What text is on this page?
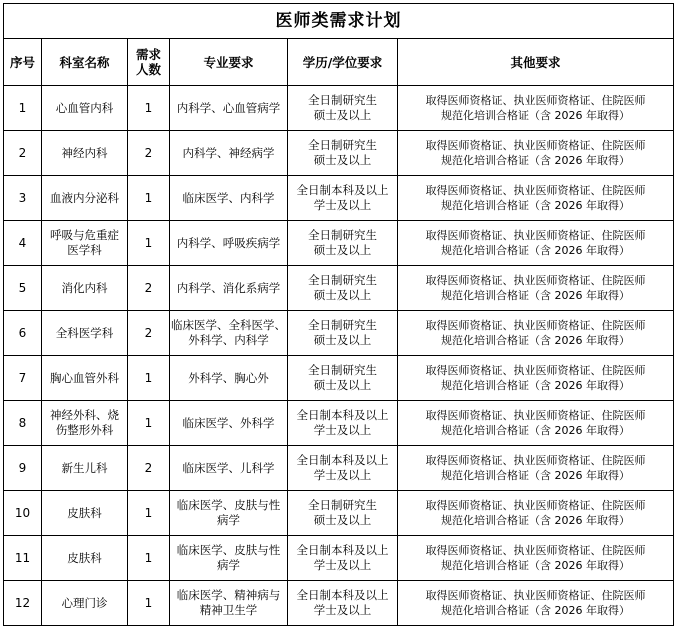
医师类需求计划					

序号	科室名称	需求
人数	专业要求	学历/学位要求	其他要求

1	心血管内科	1	内科学、心血管病学	全日制研究生
硕士及以上	取得医师资格证、执业医师资格证、住院医师
规范化培训合格证（含 2026 年取得）

2	神经内科	2	内科学、神经病学	全日制研究生
硕士及以上	取得医师资格证、执业医师资格证、住院医师
规范化培训合格证（含 2026 年取得）

3	血液内分泌科	1	临床医学、内科学	全日制本科及以上
学士及以上	取得医师资格证、执业医师资格证、住院医师
规范化培训合格证（含 2026 年取得）

4	呼吸与危重症
医学科	1	内科学、呼吸疾病学	全日制研究生
硕士及以上	取得医师资格证、执业医师资格证、住院医师
规范化培训合格证（含 2026 年取得）

5	消化内科	2	内科学、消化系病学	全日制研究生
硕士及以上	取得医师资格证、执业医师资格证、住院医师
规范化培训合格证（含 2026 年取得）

6	全科医学科	2	临床医学、全科医学、
外科学、内科学	全日制研究生
硕士及以上	取得医师资格证、执业医师资格证、住院医师
规范化培训合格证（含 2026 年取得）

7	胸心血管外科	1	外科学、胸心外	全日制研究生
硕士及以上	取得医师资格证、执业医师资格证、住院医师
规范化培训合格证（含 2026 年取得）

8	神经外科、烧
伤整形外科	1	临床医学、外科学	全日制本科及以上
学士及以上	取得医师资格证、执业医师资格证、住院医师
规范化培训合格证（含 2026 年取得）

9	新生儿科	2	临床医学、儿科学	全日制本科及以上
学士及以上	取得医师资格证、执业医师资格证、住院医师
规范化培训合格证（含 2026 年取得）

10	皮肤科	1	临床医学、皮肤与性
病学	全日制研究生
硕士及以上	取得医师资格证、执业医师资格证、住院医师
规范化培训合格证（含 2026 年取得）

11	皮肤科	1	临床医学、皮肤与性
病学	全日制本科及以上
学士及以上	取得医师资格证、执业医师资格证、住院医师
规范化培训合格证（含 2026 年取得）

12	心理门诊	1	临床医学、精神病与
精神卫生学	全日制本科及以上
学士及以上	取得医师资格证、执业医师资格证、住院医师
规范化培训合格证（含 2026 年取得）
